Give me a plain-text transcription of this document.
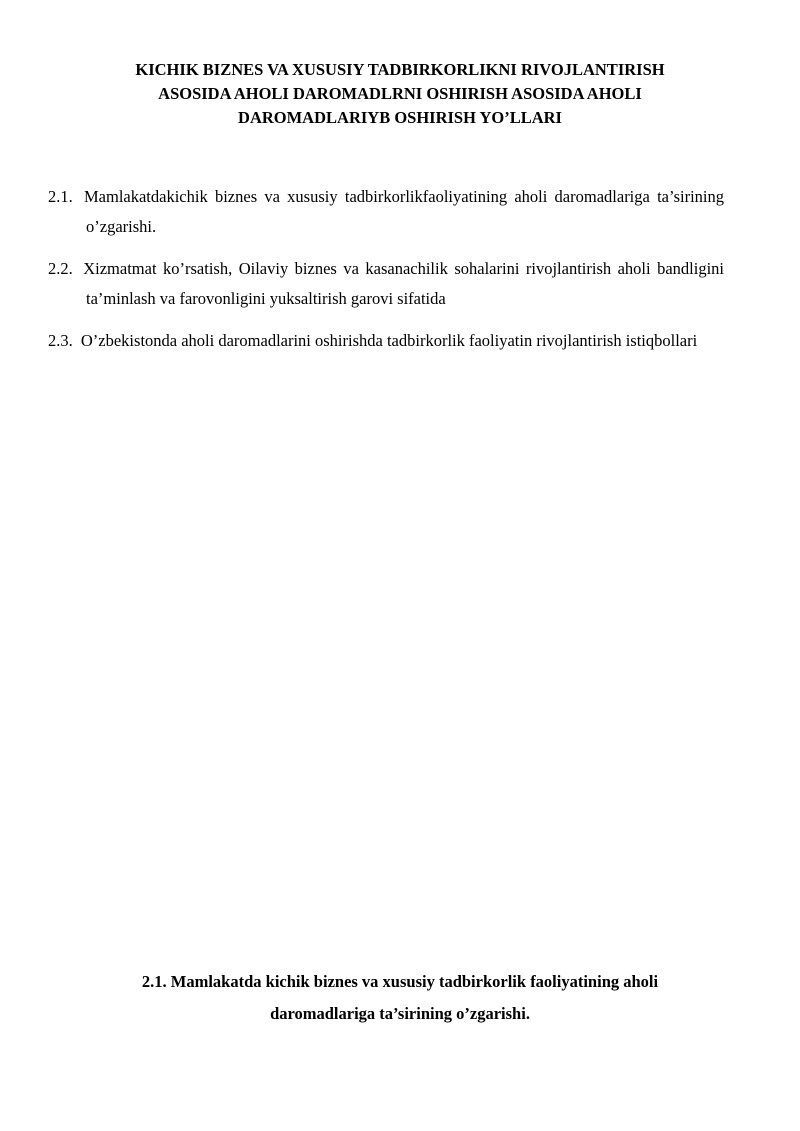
KICHIK BIZNES VA XUSUSIY TADBIRKORLIKNI RIVOJLANTIRISH
ASOSIDA AHOLI DAROMADLRNI OSHIRISH ASOSIDA AHOLI
DAROMADLARIYB OSHIRISH YO’LLARI

2.1. Mamlakatdakichik biznes va xususiy tadbirkorlikfaoliyatining aholi daromadlariga ta’sirining o’zgarishi.

2.2. Xizmatmat ko’rsatish, Oilaviy biznes va kasanachilik sohalarini rivojlantirish aholi bandligini ta’minlash va farovonligini yuksaltirish garovi sifatida

2.3. O’zbekistonda aholi daromadlarini oshirishda tadbirkorlik faoliyatin rivojlantirish istiqbollari

2.1. Mamlakatda kichik biznes va xususiy tadbirkorlik faoliyatining aholi
daromadlariga ta’sirining o’zgarishi.
